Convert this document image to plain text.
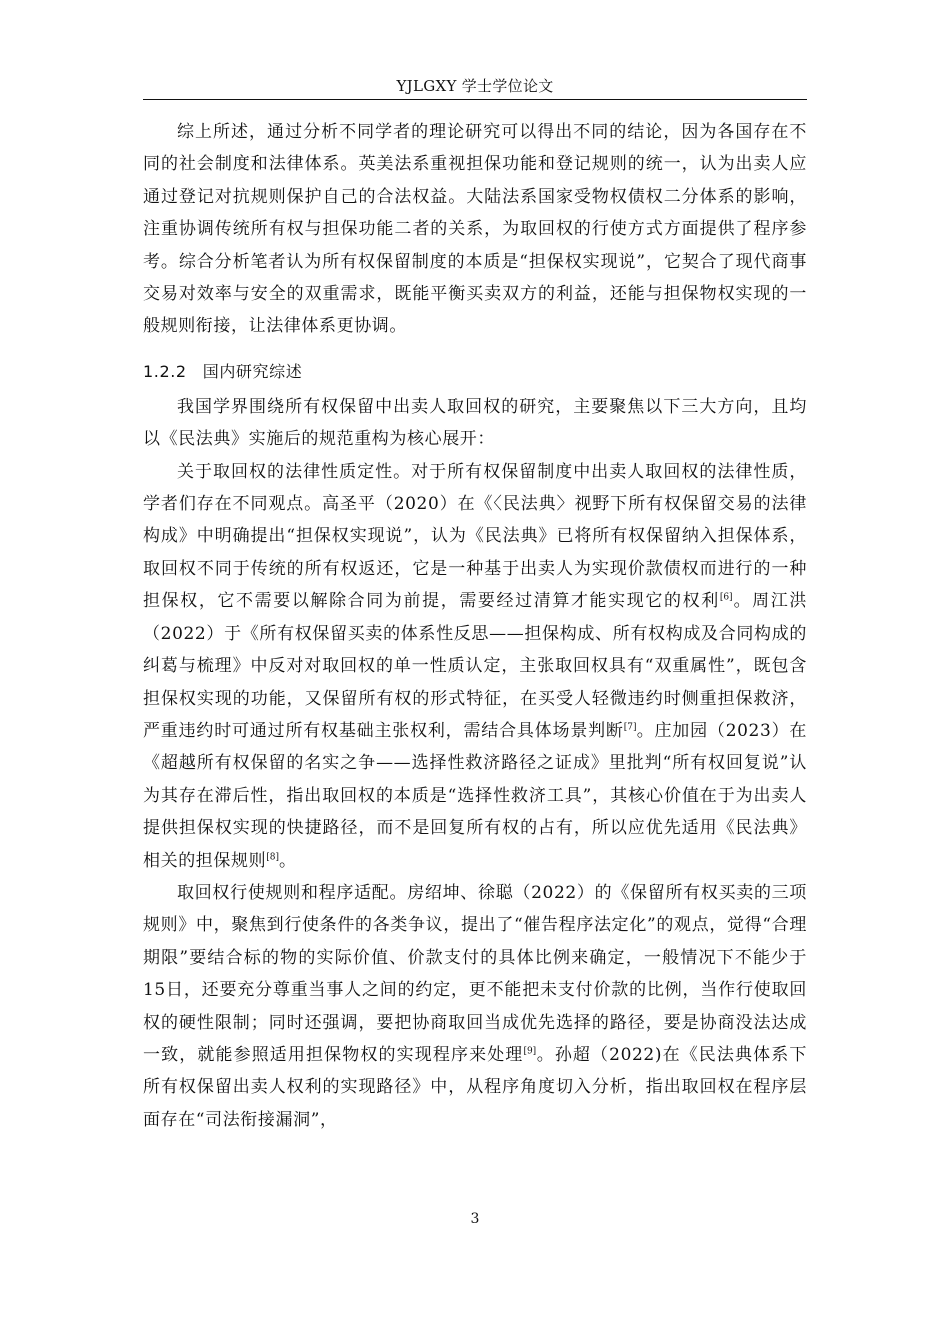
YJLGXY 学士学位论文

综上所述，通过分析不同学者的理论研究可以得出不同的结论，因为各国存在不同的社会制度和法律体系。英美法系重视担保功能和登记规则的统一，认为出卖人应通过登记对抗规则保护自己的合法权益。大陆法系国家受物权债权二分体系的影响，注重协调传统所有权与担保功能二者的关系，为取回权的行使方式方面提供了程序参考。综合分析笔者认为所有权保留制度的本质是“担保权实现说”，它契合了现代商事交易对效率与安全的双重需求，既能平衡买卖双方的利益，还能与担保物权实现的一般规则衔接，让法律体系更协调。

1.2.2 国内研究综述

我国学界围绕所有权保留中出卖人取回权的研究，主要聚焦以下三大方向，且均以《民法典》实施后的规范重构为核心展开：

关于取回权的法律性质定性。对于所有权保留制度中出卖人取回权的法律性质，学者们存在不同观点。高圣平（2020）在《〈民法典〉视野下所有权保留交易的法律构成》中明确提出“担保权实现说”，认为《民法典》已将所有权保留纳入担保体系，取回权不同于传统的所有权返还，它是一种基于出卖人为实现价款债权而进行的一种担保权，它不需要以解除合同为前提，需要经过清算才能实现它的权利[6]。周江洪（2022）于《所有权保留买卖的体系性反思——担保构成、所有权构成及合同构成的纠葛与梳理》中反对对取回权的单一性质认定，主张取回权具有“双重属性”，既包含担保权实现的功能，又保留所有权的形式特征，在买受人轻微违约时侧重担保救济，严重违约时可通过所有权基础主张权利，需结合具体场景判断[7]。庄加园（2023）在《超越所有权保留的名实之争——选择性救济路径之证成》里批判“所有权回复说”认为其存在滞后性，指出取回权的本质是“选择性救济工具”，其核心价值在于为出卖人提供担保权实现的快捷路径，而不是回复所有权的占有，所以应优先适用《民法典》相关的担保规则[8]。

取回权行使规则和程序适配。房绍坤、徐聪（2022）的《保留所有权买卖的三项规则》中，聚焦到行使条件的各类争议，提出了“催告程序法定化”的观点，觉得“合理期限”要结合标的物的实际价值、价款支付的具体比例来确定，一般情况下不能少于15日，还要充分尊重当事人之间的约定，更不能把未支付价款的比例，当作行使取回权的硬性限制；同时还强调，要把协商取回当成优先选择的路径，要是协商没法达成一致，就能参照适用担保物权的实现程序来处理[9]。孙超（2022)在《民法典体系下所有权保留出卖人权利的实现路径》中，从程序角度切入分析，指出取回权在程序层面存在“司法衔接漏洞”，

3
